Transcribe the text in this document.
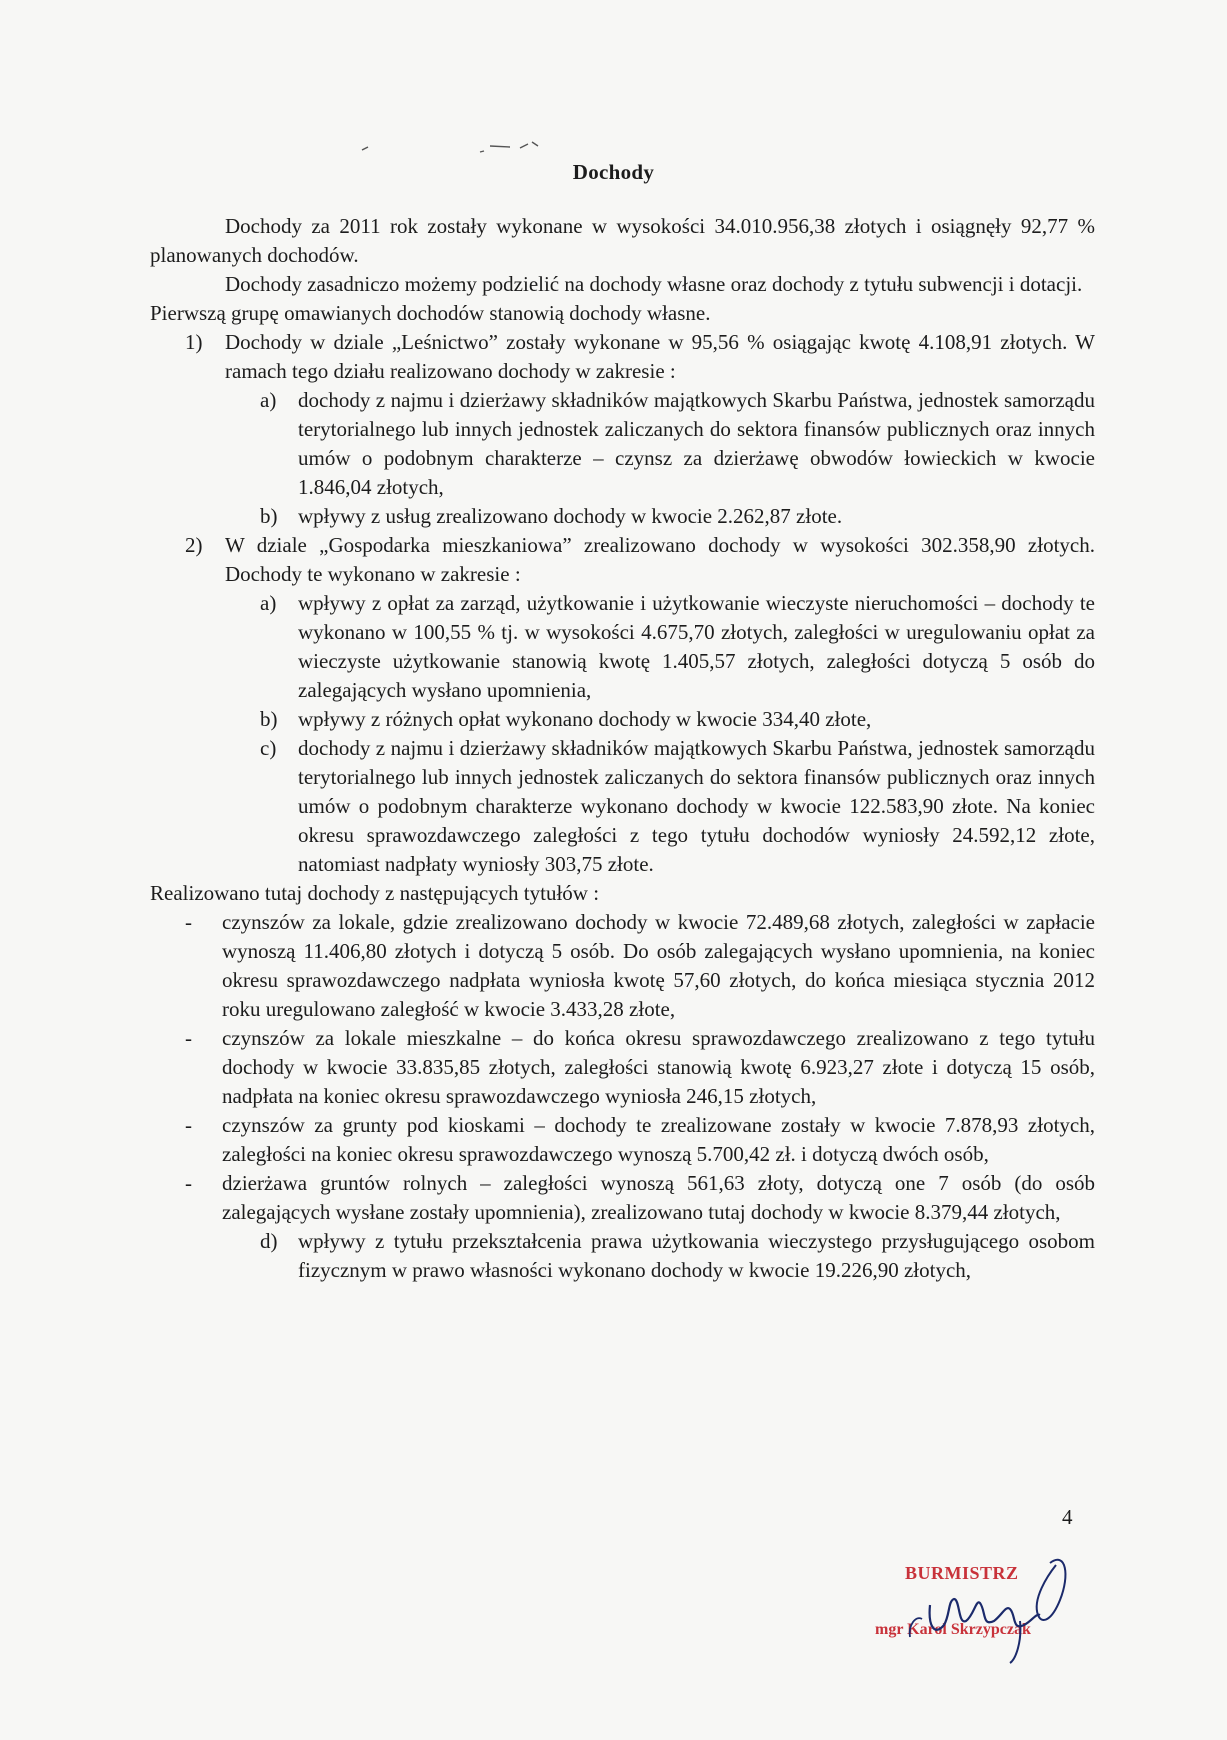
Dochody

Dochody za 2011 rok zostały wykonane w wysokości 34.010.956,38 złotych i osiągnęły 92,77 % planowanych dochodów.

Dochody zasadniczo możemy podzielić na dochody własne oraz dochody z tytułu subwencji i dotacji.

Pierwszą grupę omawianych dochodów stanowią dochody własne.

1) Dochody w dziale „Leśnictwo” zostały wykonane w 95,56 % osiągając kwotę 4.108,91 złotych. W ramach tego działu realizowano dochody w zakresie :
a) dochody z najmu i dzierżawy składników majątkowych Skarbu Państwa, jednostek samorządu terytorialnego lub innych jednostek zaliczanych do sektora finansów publicznych oraz innych umów o podobnym charakterze – czynsz za dzierżawę obwodów łowieckich w kwocie 1.846,04 złotych,
b) wpływy z usług zrealizowano dochody w kwocie 2.262,87 złote.
2) W dziale „Gospodarka mieszkaniowa” zrealizowano dochody w wysokości 302.358,90 złotych. Dochody te wykonano w zakresie :
a) wpływy z opłat za zarząd, użytkowanie i użytkowanie wieczyste nieruchomości – dochody te wykonano w 100,55 % tj. w wysokości 4.675,70 złotych, zaległości w uregulowaniu opłat za wieczyste użytkowanie stanowią kwotę 1.405,57 złotych, zaległości dotyczą 5 osób do zalegających wysłano upomnienia,
b) wpływy z różnych opłat wykonano dochody w kwocie 334,40 złote,
c) dochody z najmu i dzierżawy składników majątkowych Skarbu Państwa, jednostek samorządu terytorialnego lub innych jednostek zaliczanych do sektora finansów publicznych oraz innych umów o podobnym charakterze wykonano dochody w kwocie 122.583,90 złote. Na koniec okresu sprawozdawczego zaległości z tego tytułu dochodów wyniosły 24.592,12 złote, natomiast nadpłaty wyniosły 303,75 złote.

Realizowano tutaj dochody z następujących tytułów :

- czynszów za lokale, gdzie zrealizowano dochody w kwocie 72.489,68 złotych, zaległości w zapłacie wynoszą 11.406,80 złotych i dotyczą 5 osób. Do osób zalegających wysłano upomnienia, na koniec okresu sprawozdawczego nadpłata wyniosła kwotę 57,60 złotych, do końca miesiąca stycznia 2012 roku uregulowano zaległość w kwocie 3.433,28 złote,
- czynszów za lokale mieszkalne – do końca okresu sprawozdawczego zrealizowano z tego tytułu dochody w kwocie 33.835,85 złotych, zaległości stanowią kwotę 6.923,27 złote i dotyczą 15 osób, nadpłata na koniec okresu sprawozdawczego wyniosła 246,15 złotych,
- czynszów za grunty pod kioskami – dochody te zrealizowane zostały w kwocie 7.878,93 złotych, zaległości na koniec okresu sprawozdawczego wynoszą 5.700,42 zł. i dotyczą dwóch osób,
- dzierżawa gruntów rolnych – zaległości wynoszą 561,63 złoty, dotyczą one 7 osób (do osób zalegających wysłane zostały upomnienia), zrealizowano tutaj dochody w kwocie 8.379,44 złotych,
d) wpływy z tytułu przekształcenia prawa użytkowania wieczystego przysługującego osobom fizycznym w prawo własności wykonano dochody w kwocie 19.226,90 złotych,
4
BURMISTRZ
mgr Karol Skrzypczak
